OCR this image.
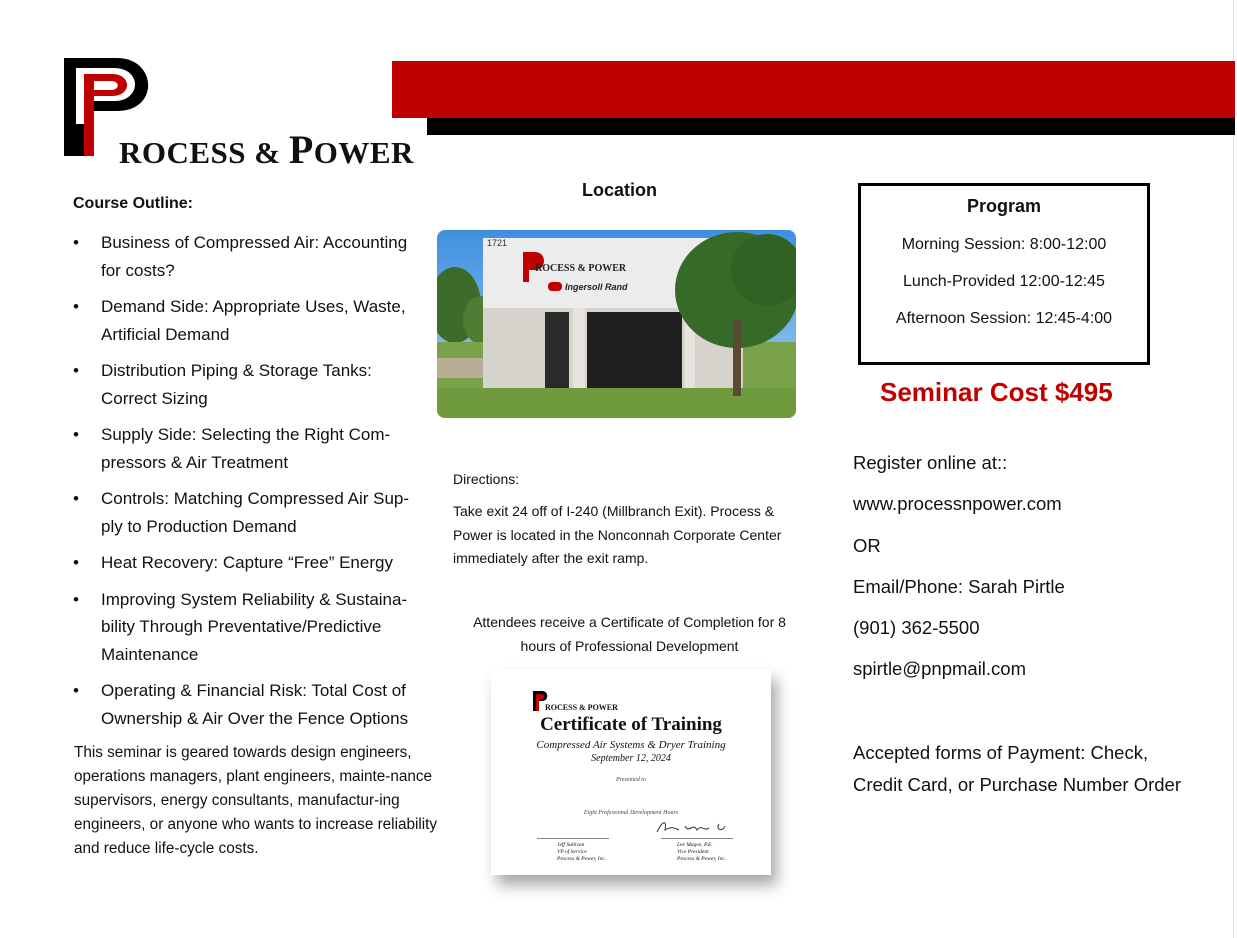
ROCESS & POWER
Course Outline:
• Business of Compressed Air: Accounting for costs?
• Demand Side: Appropriate Uses, Waste, Artificial Demand
• Distribution Piping & Storage Tanks: Correct Sizing
• Supply Side: Selecting the Right Com-pressors & Air Treatment
• Controls: Matching Compressed Air Sup-ply to Production Demand
• Heat Recovery: Capture “Free” Energy
• Improving System Reliability & Sustaina-bility Through Preventative/Predictive Maintenance
• Operating & Financial Risk: Total Cost of Ownership & Air Over the Fence Options
This seminar is geared towards design engineers, operations managers, plant engineers, mainte-nance supervisors, energy consultants, manufactur-ing engineers, or anyone who wants to increase reliability and reduce life-cycle costs.
Location
1721
ROCESS & POWER
Ingersoll Rand
Directions:
Take exit 24 off of I-240 (Millbranch Exit). Process & Power is located in the Nonconnah Corporate Center immediately after the exit ramp.
Attendees receive a Certificate of Completion for 8 hours of Professional Development
ROCESS & POWER
Certificate of Training
Compressed Air Systems & Dryer Training
September 12, 2024
Presented to
Eight Professional Development Hours
Jeff Sullivan
VP of Service
Process & Power, Inc.
Lee Magee, P.E.
Vice President
Process & Power, Inc.
Program
Morning Session: 8:00-12:00
Lunch-Provided 12:00-12:45
Afternoon Session: 12:45-4:00
Seminar Cost $495
Register online at::
www.processnpower.com
OR
Email/Phone: Sarah Pirtle
(901) 362-5500
spirtle@pnpmail.com
Accepted forms of Payment: Check, Credit Card, or Purchase Number Order
